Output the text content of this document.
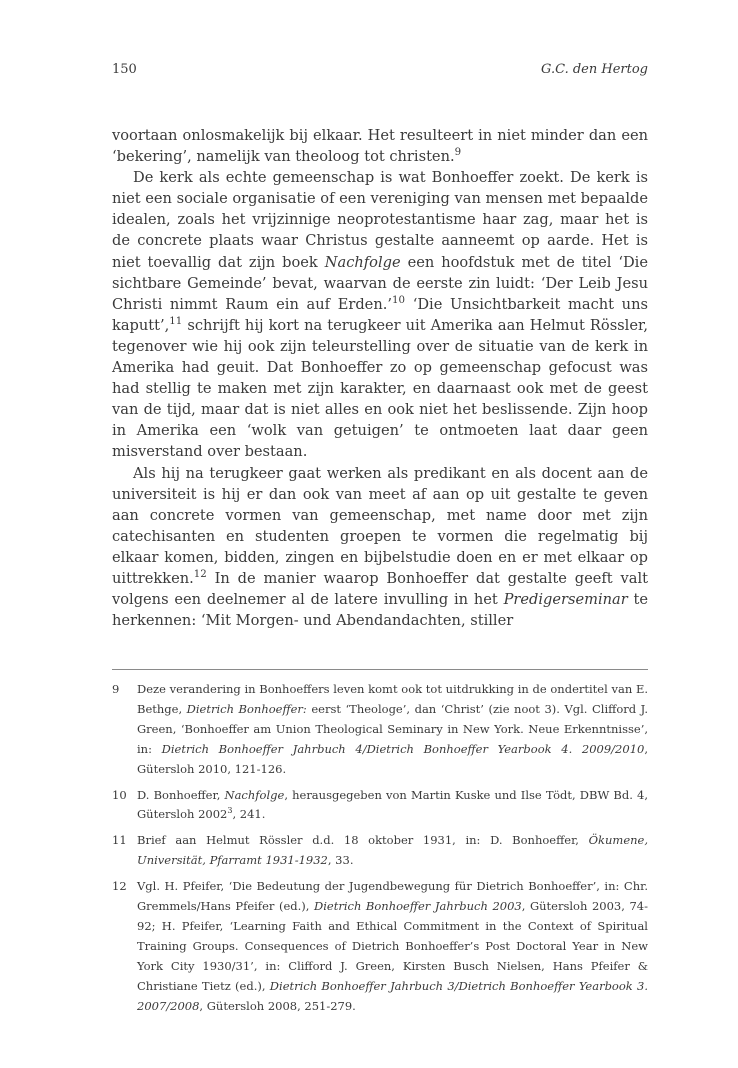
150	G.C. den Hertog

voortaan onlosmakelijk bij elkaar. Het resulteert in niet minder dan een ‘bekering’, namelijk van theoloog tot christen.$^9$

De kerk als echte gemeenschap is wat Bonhoeffer zoekt. De kerk is niet een sociale organisatie of een vereniging van mensen met bepaalde idealen, zoals het vrijzinnige neoprotestantisme haar zag, maar het is de concrete plaats waar Christus gestalte aanneemt op aarde. Het is niet toevallig dat zijn boek Nachfolge een hoofdstuk met de titel ‘Die sichtbare Gemeinde’ bevat, waarvan de eerste zin luidt: ‘Der Leib Jesu Christi nimmt Raum ein auf Erden.’$^{10}$ ‘Die Unsichtbarkeit macht uns kaputt’,$^{11}$ schrijft hij kort na terugkeer uit Amerika aan Helmut Rössler, tegenover wie hij ook zijn teleurstelling over de situatie van de kerk in Amerika had geuit. Dat Bonhoeffer zo op gemeenschap gefocust was had stellig te maken met zijn karakter, en daarnaast ook met de geest van de tijd, maar dat is niet alles en ook niet het beslissende. Zijn hoop in Amerika een ‘wolk van getuigen’ te ontmoeten laat daar geen misverstand over bestaan.

Als hij na terugkeer gaat werken als predikant en als docent aan de universiteit is hij er dan ook van meet af aan op uit gestalte te geven aan concrete vormen van gemeenschap, met name door met zijn catechisanten en studenten groepen te vormen die regelmatig bij elkaar komen, bidden, zingen en bijbelstudie doen en er met elkaar op uittrekken.$^{12}$ In de manier waarop Bonhoeffer dat gestalte geeft valt volgens een deelnemer al de latere invulling in het Predigerseminar te herkennen: ‘Mit Morgen- und Abendandachten, stiller

9 Deze verandering in Bonhoeffers leven komt ook tot uitdrukking in de ondertitel van E. Bethge, Dietrich Bonhoeffer: eerst ‘Theologe’, dan ‘Christ’ (zie noot 3). Vgl. Clifford J. Green, ‘Bonhoeffer am Union Theological Seminary in New York. Neue Erkenntnisse’, in: Dietrich Bonhoeffer Jahrbuch 4/Dietrich Bonhoeffer Yearbook 4. 2009/2010, Gütersloh 2010, 121-126.
10 D. Bonhoeffer, Nachfolge, herausgegeben von Martin Kuske und Ilse Tödt, DBW Bd. 4, Gütersloh 2002$^3$, 241.
11 Brief aan Helmut Rössler d.d. 18 oktober 1931, in: D. Bonhoeffer, Ökumene, Universität, Pfarramt 1931-1932, 33.
12 Vgl. H. Pfeifer, ‘Die Bedeutung der Jugendbewegung für Dietrich Bonhoeffer’, in: Chr. Gremmels/Hans Pfeifer (ed.), Dietrich Bonhoeffer Jahrbuch 2003, Gütersloh 2003, 74-92; H. Pfeifer, ‘Learning Faith and Ethical Commitment in the Context of Spiritual Training Groups. Consequences of Dietrich Bonhoeffer’s Post Doctoral Year in New York City 1930/31’, in: Clifford J. Green, Kirsten Busch Nielsen, Hans Pfeifer & Christiane Tietz (ed.), Dietrich Bonhoeffer Jahrbuch 3/Dietrich Bonhoeffer Yearbook 3. 2007/2008, Gütersloh 2008, 251-279.
